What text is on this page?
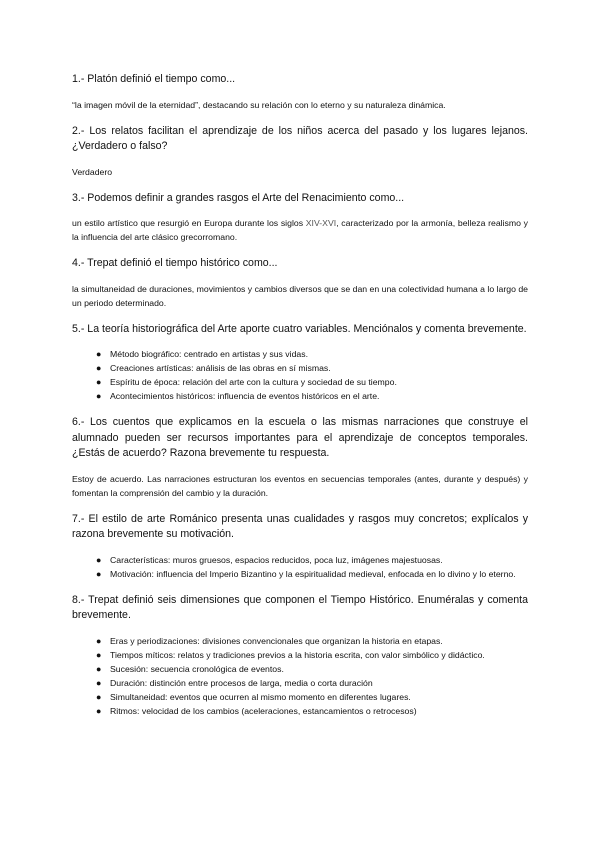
1.- Platón definió el tiempo como...

“la imagen móvil de la eternidad”, destacando su relación con lo eterno y su naturaleza dinámica.

2.- Los relatos facilitan el aprendizaje de los niños acerca del pasado y los lugares lejanos. ¿Verdadero o falso?

Verdadero

3.- Podemos definir a grandes rasgos el Arte del Renacimiento como...

un estilo artístico que resurgió en Europa durante los siglos XIV-XVI, caracterizado por la armonía, belleza realismo y la influencia del arte clásico grecorromano.

4.- Trepat definió el tiempo histórico como...

la simultaneidad de duraciones, movimientos y cambios diversos que se dan en una colectividad humana a lo largo de un periodo determinado.

5.- La teoría historiográfica del Arte aporte cuatro variables. Menciónalos y comenta brevemente.

● Método biográfico: centrado en artistas y sus vidas.
● Creaciones artísticas: análisis de las obras en sí mismas.
● Espíritu de época: relación del arte con la cultura y sociedad de su tiempo.
● Acontecimientos históricos: influencia de eventos históricos en el arte.

6.- Los cuentos que explicamos en la escuela o las mismas narraciones que construye el alumnado pueden ser recursos importantes para el aprendizaje de conceptos temporales. ¿Estás de acuerdo? Razona brevemente tu respuesta.

Estoy de acuerdo. Las narraciones estructuran los eventos en secuencias temporales (antes, durante y después) y fomentan la comprensión del cambio y la duración.

7.- El estilo de arte Románico presenta unas cualidades y rasgos muy concretos; explícalos y razona brevemente su motivación.

● Características: muros gruesos, espacios reducidos, poca luz, imágenes majestuosas.
● Motivación: influencia del Imperio Bizantino y la espiritualidad medieval, enfocada en lo divino y lo eterno.

8.- Trepat definió seis dimensiones que componen el Tiempo Histórico. Enuméralas y comenta brevemente.

● Eras y periodizaciones: divisiones convencionales que organizan la historia en etapas.
● Tiempos míticos: relatos y tradiciones previos a la historia escrita, con valor simbólico y didáctico.
● Sucesión: secuencia cronológica de eventos.
● Duración: distinción entre procesos de larga, media o corta duración
● Simultaneidad: eventos que ocurren al mismo momento en diferentes lugares.
● Ritmos: velocidad de los cambios (aceleraciones, estancamientos o retrocesos)
